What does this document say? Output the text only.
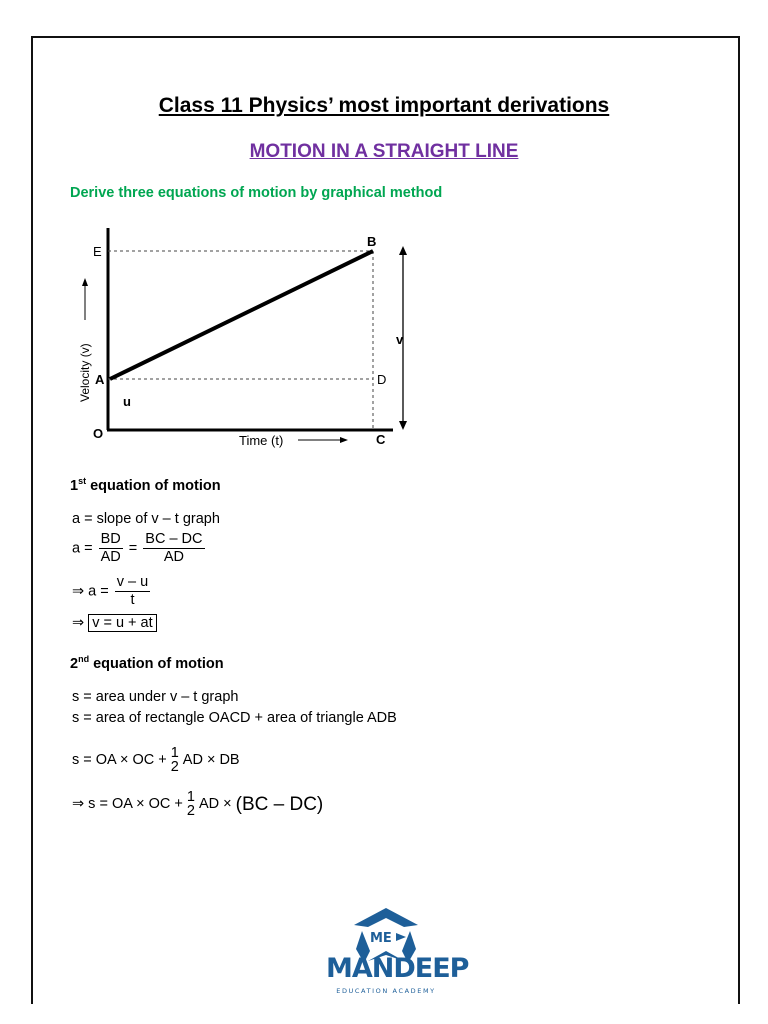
Class 11 Physics’ most important derivations
MOTION IN A STRAIGHT LINE
Derive three equations of motion by graphical method
E
B
A	D
O	C
u
v
Time (t)
Velocity (v)
1st equation of motion
a = slope of v – t graph
$a = \frac{BD}{AD} = \frac{BC - DC}{AD}$
⇒ $a = \frac{v - u}{t}$
⇒ v = u + at
2nd equation of motion
s = area under v – t graph
s = area of rectangle OACD + area of triangle ADB
s = OA × OC + 1
2 AD × DB
⇒ s = OA × OC + 1
2 AD × (BC – DC)
ME
MANDEEP
EDUCATION ACADEMY
